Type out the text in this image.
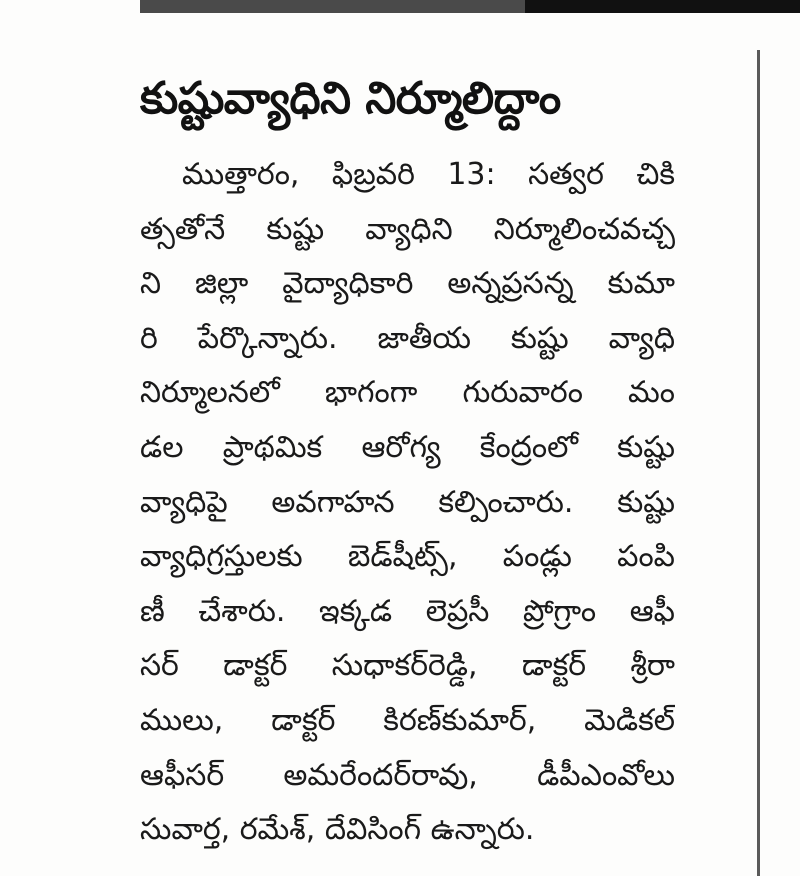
కుష్టువ్యాధిని నిర్మూలిద్దాం
ముత్తారం, ఫిబ్రవరి 13: సత్వర చికి
త్సతోనే కుష్టు వ్యాధిని నిర్మూలించవచ్చ
ని జిల్లా వైద్యాధికారి అన్నప్రసన్న కుమా
రి పేర్కొన్నారు. జాతీయ కుష్టు వ్యాధి
నిర్మూలనలో భాగంగా గురువారం మం
డల ప్రాథమిక ఆరోగ్య కేంద్రంలో కుష్టు
వ్యాధిపై అవగాహన కల్పించారు. కుష్టు
వ్యాధిగ్రస్తులకు బెడ్‌షీట్స్, పండ్లు పంపి
ణీ చేశారు. ఇక్కడ లెప్రసీ ప్రోగ్రాం ఆఫీ
సర్ డాక్టర్ సుధాకర్‌రెడ్డి, డాక్టర్ శ్రీరా
ములు, డాక్టర్ కిరణ్‌కుమార్, మెడికల్
ఆఫీసర్ అమరేందర్‌రావు, డీపీఎంవోలు
సువార్త, రమేశ్, దేవిసింగ్ ఉన్నారు.
